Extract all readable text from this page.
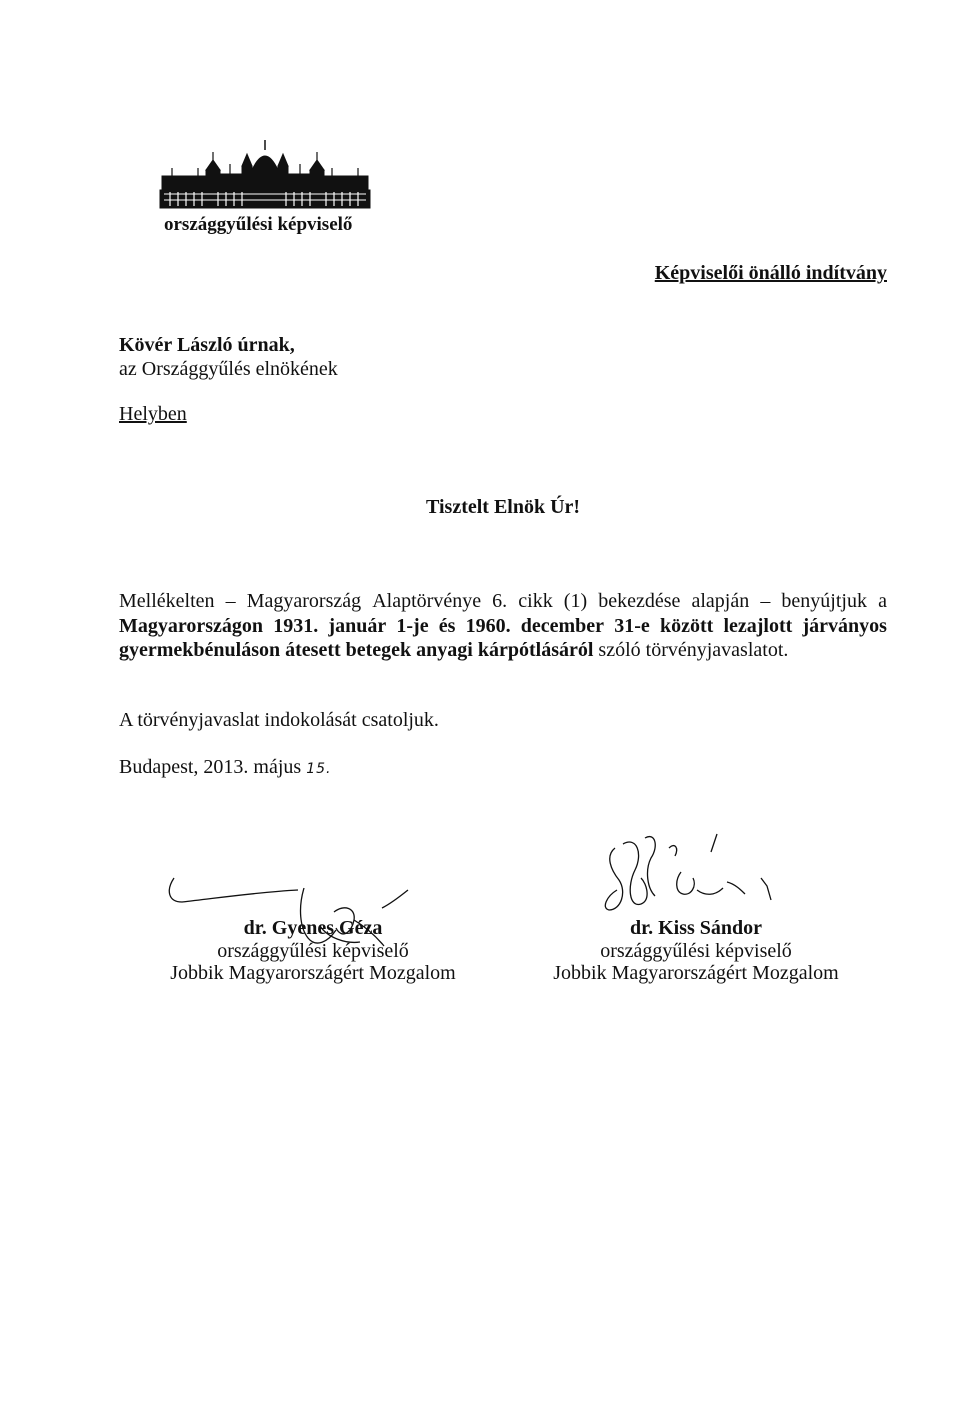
országgyűlési képviselő
Képviselői önálló indítvány
Kövér László úrnak,
az Országgyűlés elnökének
Helyben
Tisztelt Elnök Úr!
Mellékelten – Magyarország Alaptörvénye 6. cikk (1) bekezdése alapján – benyújtjuk a
Magyarországon 1931. január 1-je és 1960. december 31-e között lezajlott járványos
gyermekbénuláson átesett betegek anyagi kárpótlásáról szóló törvényjavaslatot.
A törvényjavaslat indokolását csatoljuk.
Budapest, 2013. május 15.
dr. Gyenes Géza
országgyűlési képviselő
Jobbik Magyarországért Mozgalom
dr. Kiss Sándor
országgyűlési képviselő
Jobbik Magyarországért Mozgalom
